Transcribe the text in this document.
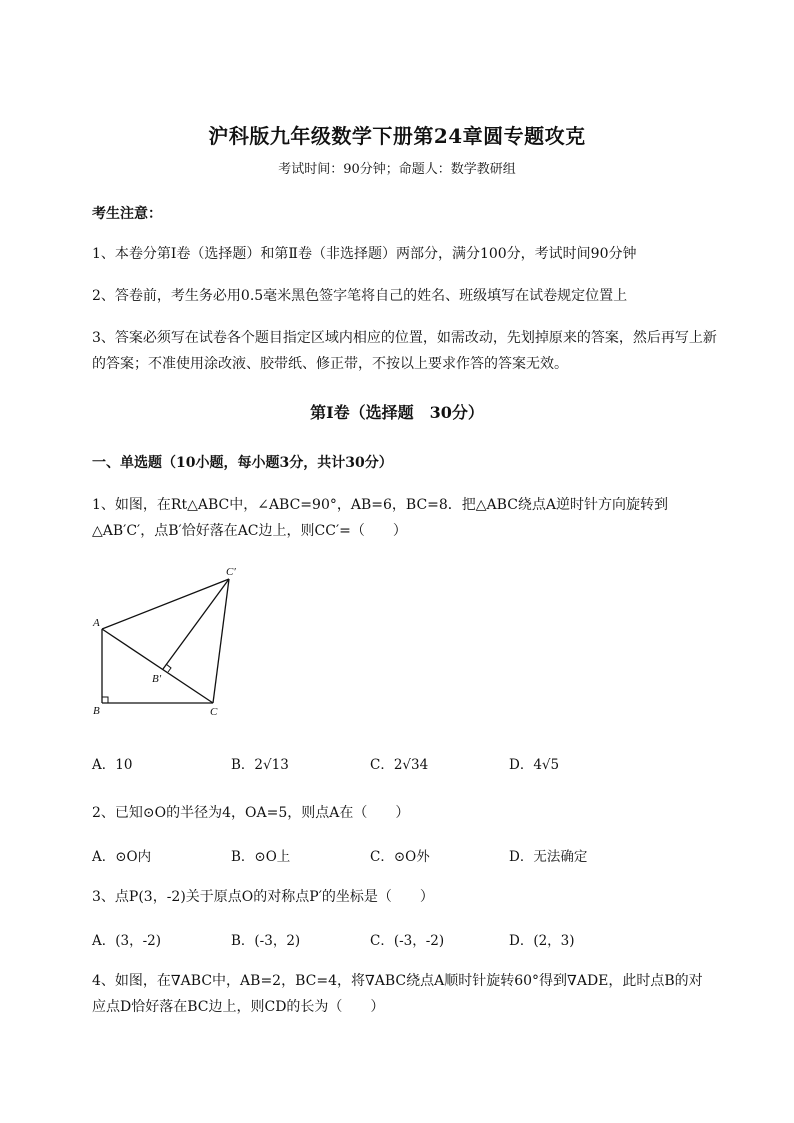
沪科版九年级数学下册第24章圆专题攻克
考试时间：90分钟；命题人：数学教研组
考生注意：
1、本卷分第I卷（选择题）和第Ⅱ卷（非选择题）两部分，满分100分，考试时间90分钟
2、答卷前，考生务必用0.5毫米黑色签字笔将自己的姓名、班级填写在试卷规定位置上
3、答案必须写在试卷各个题目指定区域内相应的位置，如需改动，先划掉原来的答案，然后再写上新
的答案；不准使用涂改液、胶带纸、修正带，不按以上要求作答的答案无效。
第I卷（选择题　30分）
一、单选题（10小题，每小题3分，共计30分）
1、如图，在Rt△ABC中，∠ABC=90°，AB=6，BC=8．把△ABC绕点A逆时针方向旋转到
△AB′C′，点B′恰好落在AC边上，则CC′=（　　）
A
B	C
B′
C′
A．10	B．2√13	C．2√34	D．4√5
2、已知⊙O的半径为4，OA=5，则点A在（　　）
A．⊙O内	B．⊙O上	C．⊙O外	D．无法确定
3、点P(3，-2)关于原点O的对称点P′的坐标是（　　）
A．(3，-2)	B．(-3，2)	C．(-3，-2)	D．(2，3)
4、如图，在∇ABC中，AB=2，BC=4，将∇ABC绕点A顺时针旋转60°得到∇ADE，此时点B的对
应点D恰好落在BC边上，则CD的长为（　　）
